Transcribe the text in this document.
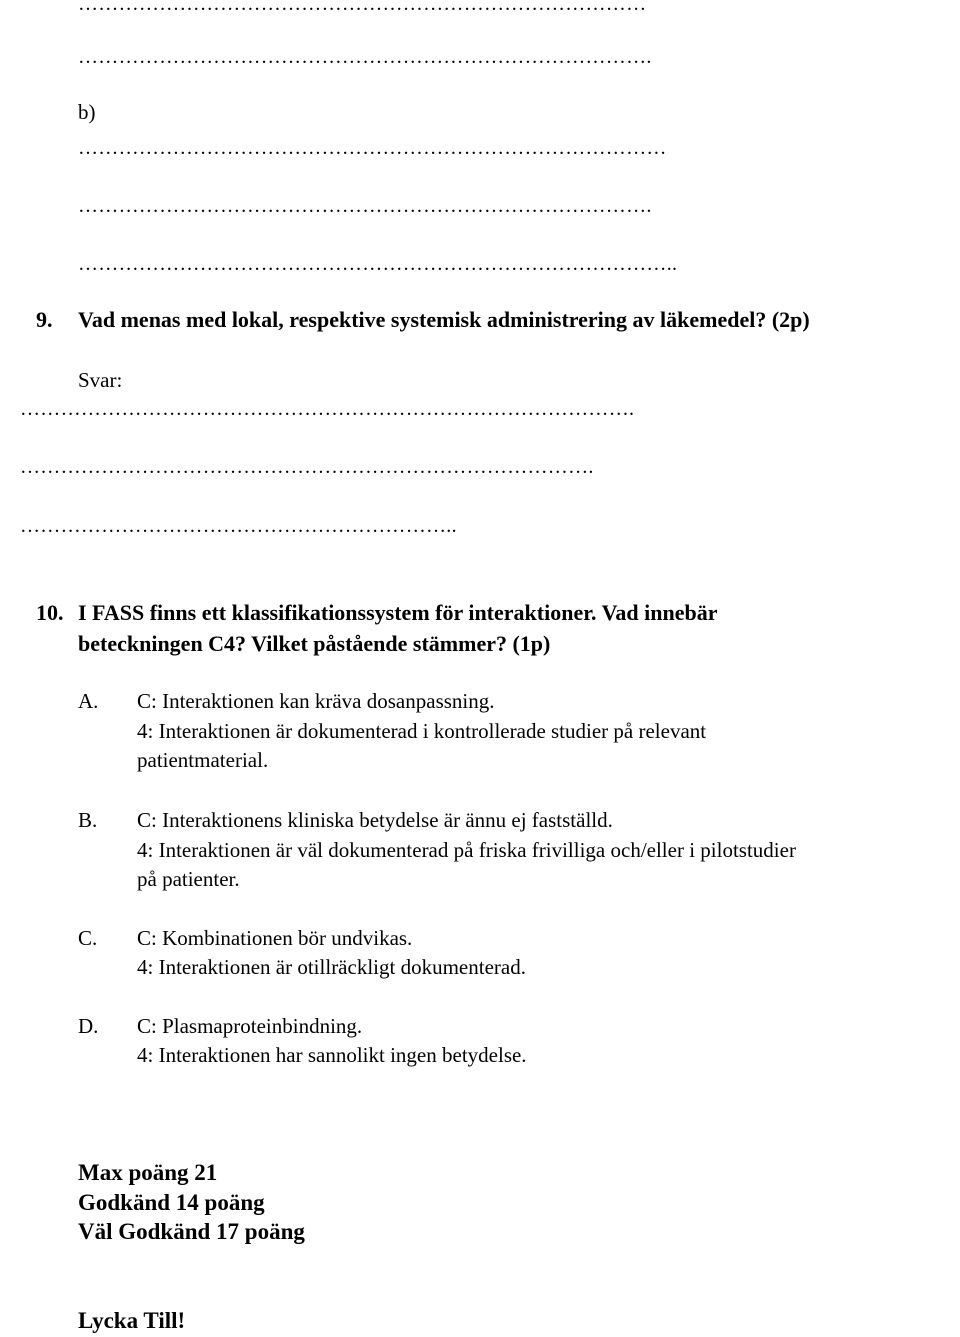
…………………………………………………………………………
………………………………………………………………………….
b)
……………………………………………………………………………
………………………………………………………………………….
……………………………………………………………………………..
9. Vad menas med lokal, respektive systemisk administrering av läkemedel? (2p)
Svar:
……………………………………………………………………………….
………………………………………………………………………….
………………………………………………………..
10. I FASS finns ett klassifikationssystem för interaktioner. Vad innebär
beteckningen C4? Vilket påstående stämmer? (1p)
A. C: Interaktionen kan kräva dosanpassning.
4: Interaktionen är dokumenterad i kontrollerade studier på relevant
patientmaterial.
B. C: Interaktionens kliniska betydelse är ännu ej fastställd.
4: Interaktionen är väl dokumenterad på friska frivilliga och/eller i pilotstudier
på patienter.
C. C: Kombinationen bör undvikas.
4: Interaktionen är otillräckligt dokumenterad.
D. C: Plasmaproteinbindning.
4: Interaktionen har sannolikt ingen betydelse.
Max poäng 21
Godkänd 14 poäng
Väl Godkänd 17 poäng
Lycka Till!
